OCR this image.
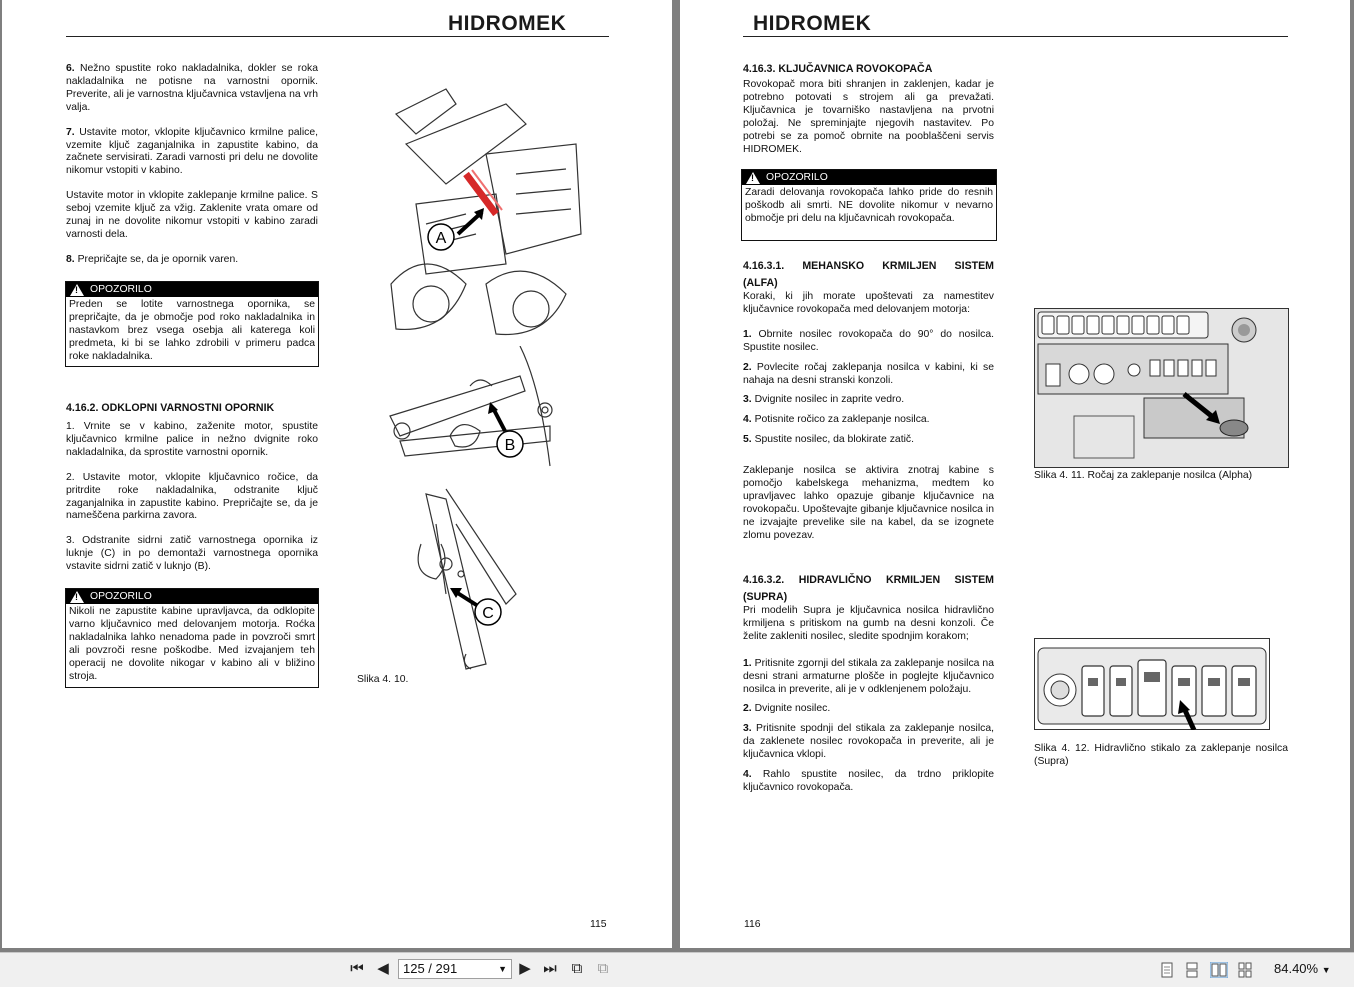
HIDROMEK

6. Nežno spustite roko nakladalnika, dokler se roka nakladalnika ne potisne na varnostni opornik. Preverite, ali je varnostna ključavnica vstavljena na vrh valja.

7. Ustavite motor, vklopite ključavnico krmilne palice, vzemite ključ zaganjalnika in zapustite kabino, da začnete servisirati. Zaradi varnosti pri delu ne dovolite nikomur vstopiti v kabino.

Ustavite motor in vklopite zaklepanje krmilne palice. S seboj vzemite ključ za vžig. Zaklenite vrata omare od zunaj in ne dovolite nikomur vstopiti v kabino zaradi varnosti dela.

8. Prepričajte se, da je opornik varen.

! OPOZORILO
Preden se lotite varnostnega opornika, se prepričajte, da je območje pod roko nakladalnika in nastavkom brez vsega osebja ali katerega koli predmeta, ki bi se lahko zdrobili v primeru padca roke nakladalnika.
4.16.2. ODKLOPNI VARNOSTNI OPORNIK

1. Vrnite se v kabino, zaženite motor, spustite ključavnico krmilne palice in nežno dvignite roko nakladalnika, da sprostite varnostni opornik.

2. Ustavite motor, vklopite ključavnico ročice, da pritrdite roke nakladalnika, odstranite ključ zaganjalnika in zapustite kabino. Prepričajte se, da je nameščena parkirna zavora.

3. Odstranite sidrni zatič varnostnega opornika iz luknje (C) in po demontaži varnostnega opornika vstavite sidrni zatič v luknjo (B).

! OPOZORILO
Nikoli ne zapustite kabine upravljavca, da odklopite varno ključavnico med delovanjem motorja. Roćka nakladalnika lahko nenadoma pade in povzroči smrt ali povzroči resne poškodbe. Med izvajanjem teh operacij ne dovolite nikogar v kabino ali v bližino stroja.
A
B
C
Slika 4. 10.
115
HIDROMEK
4.16.3. KLJUČAVNICA ROVOKOPAČA
Rovokopač mora biti shranjen in zaklenjen, kadar je potrebno potovati s strojem ali ga prevažati. Ključavnica je tovarniško nastavljena na prvotni položaj. Ne spreminjajte njegovih nastavitev. Po potrebi se za pomoč obrnite na pooblaščeni servis HIDROMEK.
! OPOZORILO
Zaradi delovanja rovokopača lahko pride do resnih poškodb ali smrti. NE dovolite nikomur v nevarno območje pri delu na ključavnicah rovokopača.
4.16.3.1. MEHANSKO KRMILJEN SISTEM
(ALFA)

Koraki, ki jih morate upoštevati za namestitev ključavnice rovokopača med delovanjem motorja:

1. Obrnite nosilec rovokopača do 90° do nosilca. Spustite nosilec.

2. Povlecite ročaj zaklepanja nosilca v kabini, ki se nahaja na desni stranski konzoli.

3. Dvignite nosilec in zaprite vedro.

4. Potisnite ročico za zaklepanje nosilca.

5. Spustite nosilec, da blokirate zatič.

Zaklepanje nosilca se aktivira znotraj kabine s pomočjo kabelskega mehanizma, medtem ko upravljavec lahko opazuje gibanje ključavnice na rovokopaču. Upoštevajte gibanje ključavnice nosilca in ne izvajajte prevelike sile na kabel, da se izognete zlomu povezav.

Slika 4. 11. Ročaj za zaklepanje nosilca (Alpha)
4.16.3.2. HIDRAVLIČNO KRMILJEN SISTEM
(SUPRA)

Pri modelih Supra je ključavnica nosilca hidravlično krmiljena s pritiskom na gumb na desni konzoli. Če želite zakleniti nosilec, sledite spodnjim korakom;

1. Pritisnite zgornji del stikala za zaklepanje nosilca na desni strani armaturne plošče in poglejte ključavnico nosilca in preverite, ali je v odklenjenem položaju.

2. Dvignite nosilec.

3. Pritisnite spodnji del stikala za zaklepanje nosilca, da zaklenete nosilec rovokopača in preverite, ali je ključavnica vklopi.

4. Rahlo spustite nosilec, da trdno priklopite ključavnico rovokopača.

Slika 4. 12. Hidravlično stikalo za zaklepanje nosilca (Supra)
116
⏮ ◀	125 / 291	▼ ▶ ⏭ ⧉ ⧉	84.40% ▼
